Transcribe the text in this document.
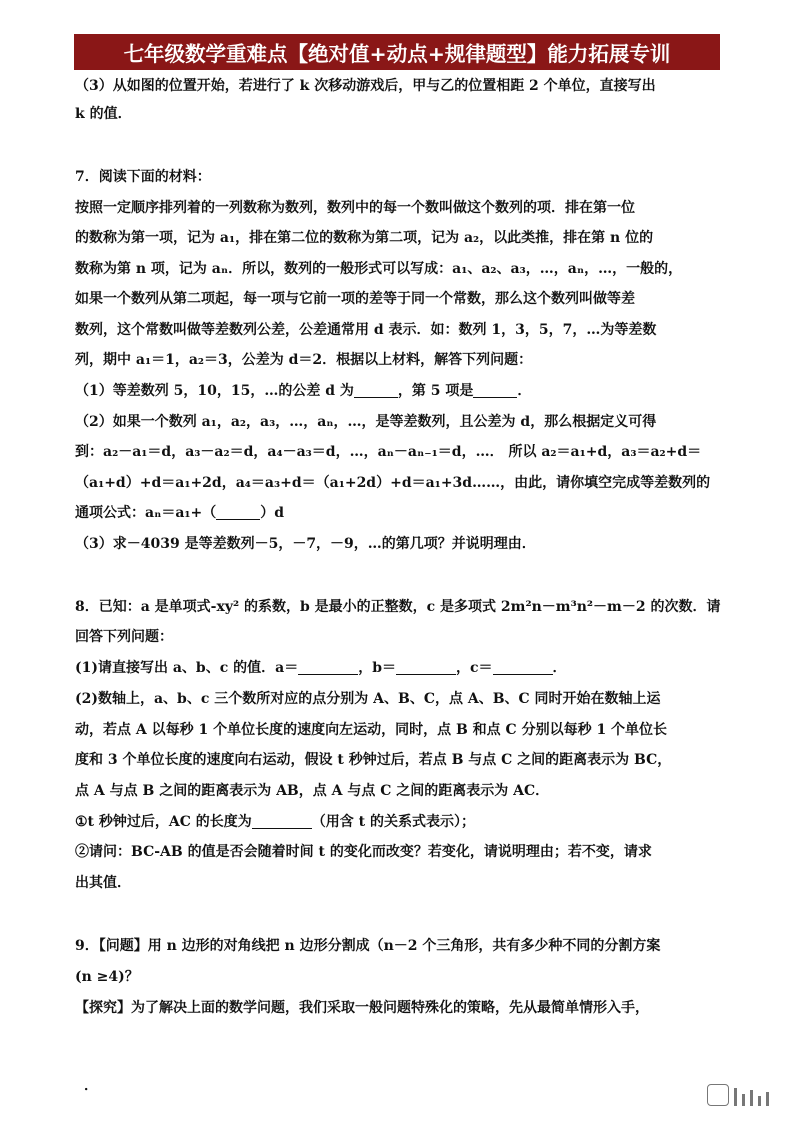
七年级数学重难点【绝对值+动点+规律题型】能力拓展专训
（3）从如图的位置开始，若进行了 k 次移动游戏后，甲与乙的位置相距 2 个单位，直接写出
k 的值．
7．阅读下面的材料：
按照一定顺序排列着的一列数称为数列，数列中的每一个数叫做这个数列的项．排在第一位
的数称为第一项，记为 a₁，排在第二位的数称为第二项，记为 a₂，以此类推，排在第 n 位的
数称为第 n 项，记为 aₙ．所以，数列的一般形式可以写成：a₁、a₂、a₃，…，aₙ，…，一般的，
如果一个数列从第二项起，每一项与它前一项的差等于同一个常数，那么这个数列叫做等差
数列，这个常数叫做等差数列公差，公差通常用 d 表示．如：数列 1，3，5，7，…为等差数
列，期中 a₁＝1，a₂＝3，公差为 d＝2．根据以上材料，解答下列问题：
（1）等差数列 5，10，15，…的公差 d 为	，第 5 项是	．
（2）如果一个数列 a₁，a₂，a₃，…，aₙ，…，是等差数列，且公差为 d，那么根据定义可得
到：a₂－a₁＝d，a₃－a₂＝d，a₄－a₃＝d，…，aₙ－aₙ₋₁＝d，…． 所以 a₂＝a₁+d，a₃＝a₂+d＝
（a₁+d）+d＝a₁+2d，a₄＝a₃+d＝（a₁+2d）+d＝a₁+3d……，由此，请你填空完成等差数列的
通项公式：aₙ＝a₁+（	）d
（3）求－4039 是等差数列－5，－7，－9，…的第几项？并说明理由．
8．已知：a 是单项式-xy² 的系数，b 是最小的正整数，c 是多项式 2m²n－m³n²－m－2 的次数．请
回答下列问题：
(1)请直接写出 a、b、c 的值．a＝	，b＝	，c＝	．
(2)数轴上，a、b、c 三个数所对应的点分别为 A、B、C，点 A、B、C 同时开始在数轴上运
动，若点 A 以每秒 1 个单位长度的速度向左运动，同时，点 B 和点 C 分别以每秒 1 个单位长
度和 3 个单位长度的速度向右运动，假设 t 秒钟过后，若点 B 与点 C 之间的距离表示为 BC，
点 A 与点 B 之间的距离表示为 AB，点 A 与点 C 之间的距离表示为 AC．
①t 秒钟过后，AC 的长度为	（用含 t 的关系式表示）；
②请问：BC-AB 的值是否会随着时间 t 的变化而改变？若变化，请说明理由；若不变，请求
出其值．
9．【问题】用 n 边形的对角线把 n 边形分割成（n－2 个三角形，共有多少种不同的分割方案
(n ≥4)？
【探究】为了解决上面的数学问题，我们采取一般问题特殊化的策略，先从最简单情形入手，
．
